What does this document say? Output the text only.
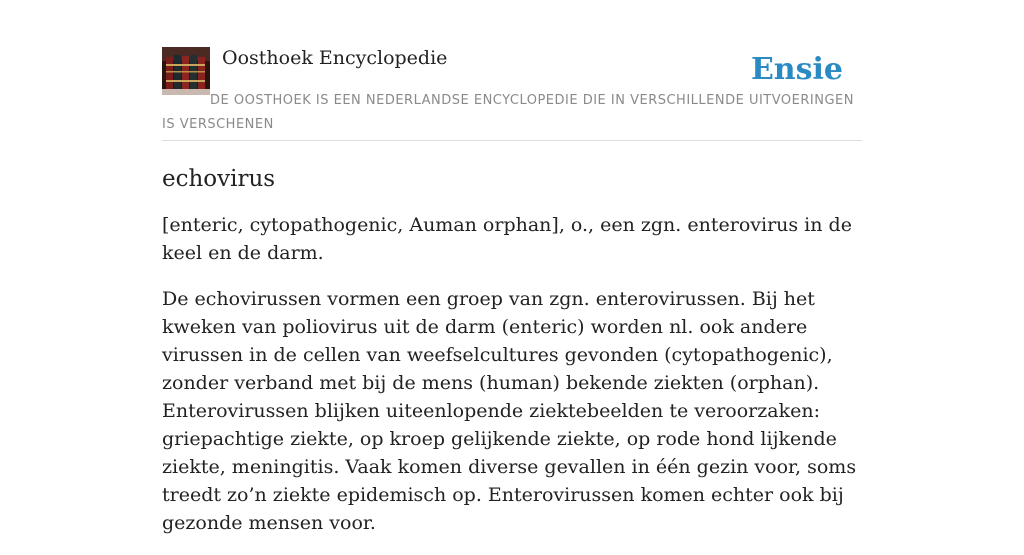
Oosthoek Encyclopedie	Ensie
DE OOSTHOEK IS EEN NEDERLANDSE ENCYCLOPEDIE DIE IN VERSCHILLENDE UITVOERINGEN IS VERSCHENEN
echovirus

[enteric, cytopathogenic, Auman orphan], o., een zgn. enterovirus in de keel en de darm.

De echovirussen vormen een groep van zgn. enterovirussen. Bij het kweken van poliovirus uit de darm (enteric) worden nl. ook andere virussen in de cellen van weefselcultures gevonden (cytopathogenic), zonder verband met bij de mens (human) bekende ziekten (orphan). Enterovirussen blijken uiteenlopende ziektebeelden te veroorzaken: griepachtige ziekte, op kroep gelijkende ziekte, op rode hond lijkende ziekte, meningitis. Vaak komen diverse gevallen in één gezin voor, soms treedt zo’n ziekte epidemisch op. Enterovirussen komen echter ook bij gezonde mensen voor.
